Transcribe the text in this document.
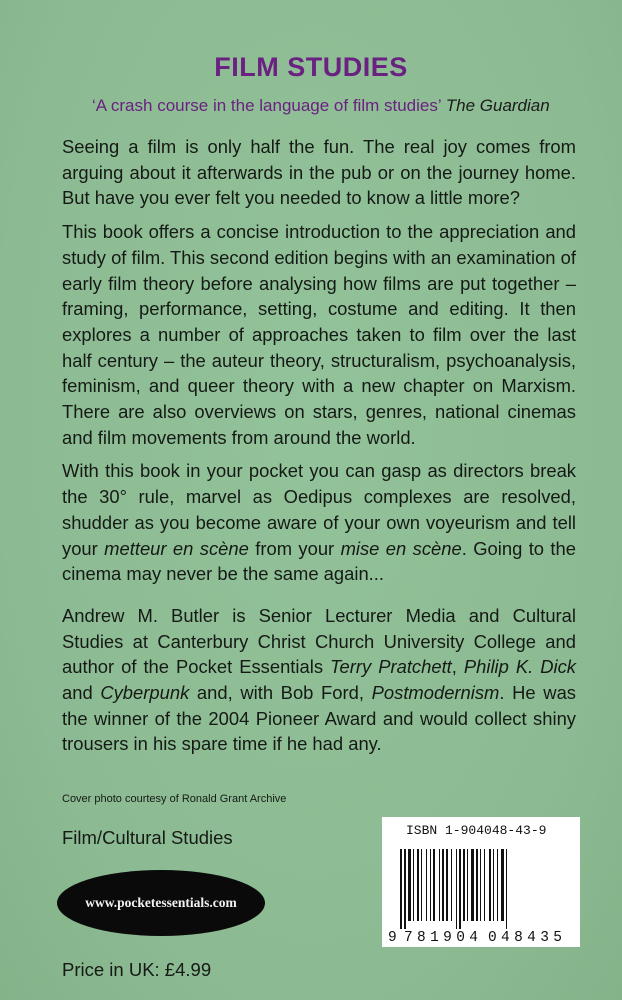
FILM STUDIES
‘A crash course in the language of film studies’ The Guardian

Seeing a film is only half the fun. The real joy comes from arguing about it afterwards in the pub or on the journey home. But have you ever felt you needed to know a little more?

This book offers a concise introduction to the appreciation and study of film. This second edition begins with an examination of early film theory before analysing how films are put together – framing, performance, setting, costume and editing. It then explores a number of approaches taken to film over the last half century – the auteur theory, structuralism, psychoanalysis, feminism, and queer theory with a new chapter on Marxism. There are also overviews on stars, genres, national cinemas and film movements from around the world.

With this book in your pocket you can gasp as directors break the 30° rule, marvel as Oedipus complexes are resolved, shudder as you become aware of your own voyeurism and tell your metteur en scène from your mise en scène. Going to the cinema may never be the same again...

Andrew M. Butler is Senior Lecturer Media and Cultural Studies at Canterbury Christ Church University College and author of the Pocket Essentials Terry Pratchett, Philip K. Dick and Cyberpunk and, with Bob Ford, Postmodernism. He was the winner of the 2004 Pioneer Award and would collect shiny trousers in his spare time if he had any.

Cover photo courtesy of Ronald Grant Archive
Film/Cultural Studies
www.pocketessentials.com
Price in UK: £4.99
ISBN 1-904048-43-9
9 781904 048435
